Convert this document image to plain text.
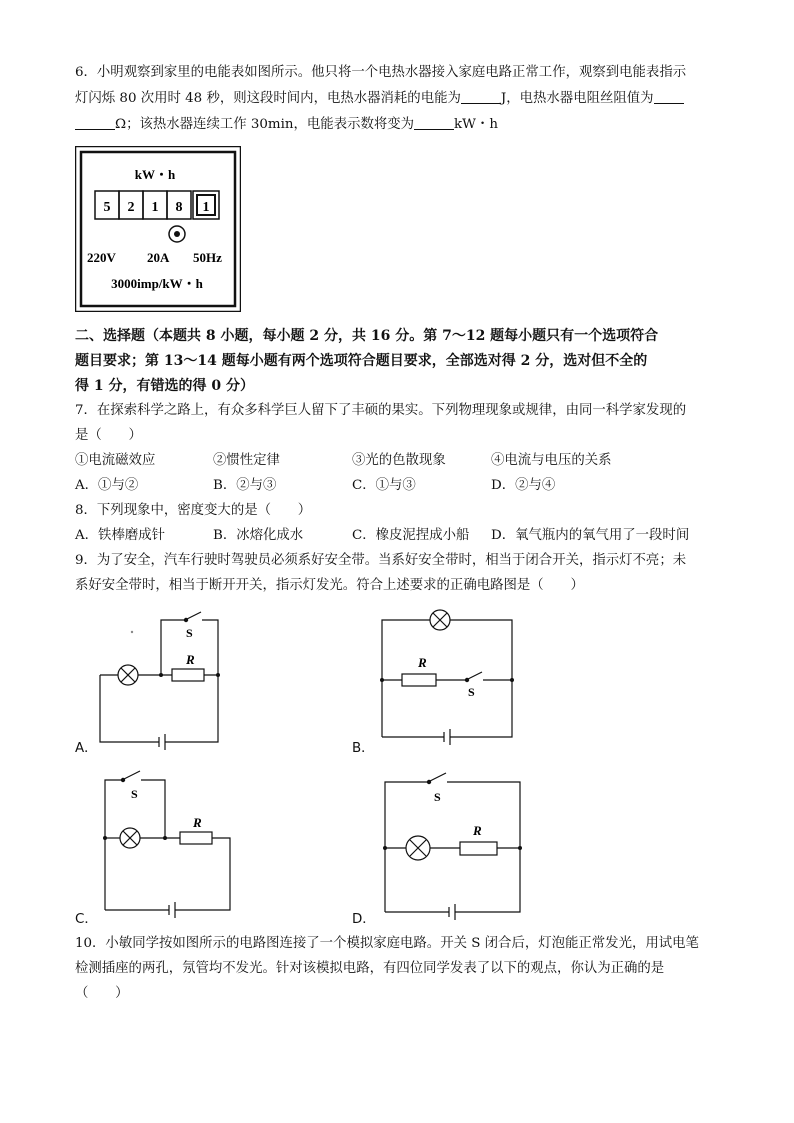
6．小明观察到家里的电能表如图所示。他只将一个电热水器接入家庭电路正常工作，观察到电能表指示
灯闪烁 80 次用时 48 秒，则这段时间内，电热水器消耗的电能为	J，电热水器电阻丝阻值为
Ω；该热水器连续工作 30min，电能表示数将变为	kW・h
kW・h
5 2 1 8 1
220V 20A 50Hz
3000imp/kW・h
二、选择题（本题共 8 小题，每小题 2 分，共 16 分。第 7～12 题每小题只有一个选项符合
题目要求；第 13～14 题每小题有两个选项符合题目要求，全部选对得 2 分，选对但不全的
得 1 分，有错选的得 0 分）
7．在探索科学之路上，有众多科学巨人留下了丰硕的果实。下列物理现象或规律，由同一科学家发现的
是（　　）
①电流磁效应	②惯性定律	③光的色散现象	④电流与电压的关系
A．①与②	B．②与③	C．①与③	D．②与④
8．下列现象中，密度变大的是（　　）
A．铁棒磨成针	B．冰熔化成水	C．橡皮泥捏成小船 D．氧气瓶内的氧气用了一段时间
9．为了安全，汽车行驶时驾驶员必须系好安全带。当系好安全带时，相当于闭合开关，指示灯不亮；未
系好安全带时，相当于断开开关，指示灯发光。符合上述要求的正确电路图是（　　）
S
R
A．
S
R
B．
S
R
C．
S
R
D．
10．小敏同学按如图所示的电路图连接了一个模拟家庭电路。开关 S 闭合后，灯泡能正常发光，用试电笔
检测插座的两孔，氖管均不发光。针对该模拟电路，有四位同学发表了以下的观点，你认为正确的是
（　　）
